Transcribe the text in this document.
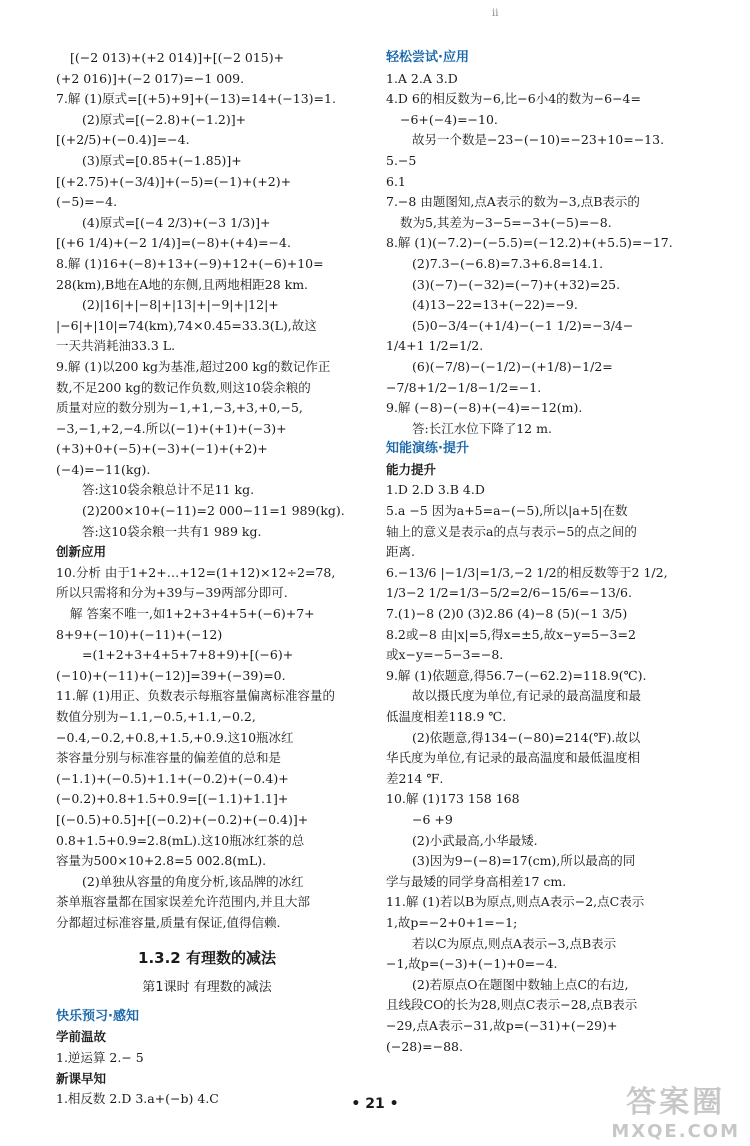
ⅱ
[(−2 013)+(+2 014)]+[(−2 015)+
(+2 016)]+(−2 017)=−1 009.
7.解 (1)原式=[(+5)+9]+(−13)=14+(−13)=1.
(2)原式=[(−2.8)+(−1.2)]+
[(+2/5)+(−0.4)]=−4.
(3)原式=[0.85+(−1.85)]+
[(+2.75)+(−3/4)]+(−5)=(−1)+(+2)+
(−5)=−4.
(4)原式=[(−4 2/3)+(−3 1/3)]+
[(+6 1/4)+(−2 1/4)]=(−8)+(+4)=−4.
8.解 (1)16+(−8)+13+(−9)+12+(−6)+10=
28(km),B地在A地的东侧,且两地相距28 km.
(2)|16|+|−8|+|13|+|−9|+|12|+
|−6|+|10|=74(km),74×0.45=33.3(L),故这
一天共消耗油33.3 L.
9.解 (1)以200 kg为基准,超过200 kg的数记作正
数,不足200 kg的数记作负数,则这10袋余粮的
质量对应的数分别为−1,+1,−3,+3,+0,−5,
−3,−1,+2,−4.所以(−1)+(+1)+(−3)+
(+3)+0+(−5)+(−3)+(−1)+(+2)+
(−4)=−11(kg).
答:这10袋余粮总计不足11 kg.
(2)200×10+(−11)=2 000−11=1 989(kg).
答:这10袋余粮一共有1 989 kg.
创新应用
10.分析 由于1+2+…+12=(1+12)×12÷2=78,
所以只需将和分为+39与−39两部分即可.
解 答案不唯一,如1+2+3+4+5+(−6)+7+
8+9+(−10)+(−11)+(−12)
=(1+2+3+4+5+7+8+9)+[(−6)+
(−10)+(−11)+(−12)]=39+(−39)=0.
11.解 (1)用正、负数表示每瓶容量偏离标准容量的
数值分别为−1.1,−0.5,+1.1,−0.2,
−0.4,−0.2,+0.8,+1.5,+0.9.这10瓶冰红
茶容量分别与标准容量的偏差值的总和是
(−1.1)+(−0.5)+1.1+(−0.2)+(−0.4)+
(−0.2)+0.8+1.5+0.9=[(−1.1)+1.1]+
[(−0.5)+0.5]+[(−0.2)+(−0.2)+(−0.4)]+
0.8+1.5+0.9=2.8(mL).这10瓶冰红茶的总
容量为500×10+2.8=5 002.8(mL).
(2)单独从容量的角度分析,该品牌的冰红
茶单瓶容量都在国家误差允许范围内,并且大部
分都超过标准容量,质量有保证,值得信赖.
1.3.2 有理数的减法
第1课时 有理数的减法
快乐预习·感知
学前温故
1.逆运算 2.− 5
新课早知
1.相反数 2.D 3.a+(−b) 4.C
轻松尝试·应用
1.A 2.A 3.D
4.D 6的相反数为−6,比−6小4的数为−6−4=
−6+(−4)=−10.
故另一个数是−23−(−10)=−23+10=−13.
5.−5
6.1
7.−8 由题图知,点A表示的数为−3,点B表示的
数为5,其差为−3−5=−3+(−5)=−8.
8.解 (1)(−7.2)−(−5.5)=(−12.2)+(+5.5)=−17.
(2)7.3−(−6.8)=7.3+6.8=14.1.
(3)(−7)−(−32)=(−7)+(+32)=25.
(4)13−22=13+(−22)=−9.
(5)0−3/4−(+1/4)−(−1 1/2)=−3/4−
1/4+1 1/2=1/2.
(6)(−7/8)−(−1/2)−(+1/8)−1/2=
−7/8+1/2−1/8−1/2=−1.
9.解 (−8)−(−8)+(−4)=−12(m).
答:长江水位下降了12 m.
知能演练·提升
能力提升
1.D 2.D 3.B 4.D
5.a −5 因为a+5=a−(−5),所以|a+5|在数
轴上的意义是表示a的点与表示−5的点之间的
距离.
6.−13/6 |−1/3|=1/3,−2 1/2的相反数等于2 1/2,
1/3−2 1/2=1/3−5/2=2/6−15/6=−13/6.
7.(1)−8 (2)0 (3)2.86 (4)−8 (5)(−1 3/5)
8.2或−8 由|x|=5,得x=±5,故x−y=5−3=2
或x−y=−5−3=−8.
9.解 (1)依题意,得56.7−(−62.2)=118.9(℃).
故以摄氏度为单位,有记录的最高温度和最
低温度相差118.9 ℃.
(2)依题意,得134−(−80)=214(℉).故以
华氏度为单位,有记录的最高温度和最低温度相
差214 ℉.
10.解 (1)173 158 168
−6 +9
(2)小武最高,小华最矮.
(3)因为9−(−8)=17(cm),所以最高的同
学与最矮的同学身高相差17 cm.
11.解 (1)若以B为原点,则点A表示−2,点C表示
1,故p=−2+0+1=−1;
若以C为原点,则点A表示−3,点B表示
−1,故p=(−3)+(−1)+0=−4.
(2)若原点O在题图中数轴上点C的右边,
且线段CO的长为28,则点C表示−28,点B表示
−29,点A表示−31,故p=(−31)+(−29)+
(−28)=−88.
• 21 •	答案圈
MXQE.COM
